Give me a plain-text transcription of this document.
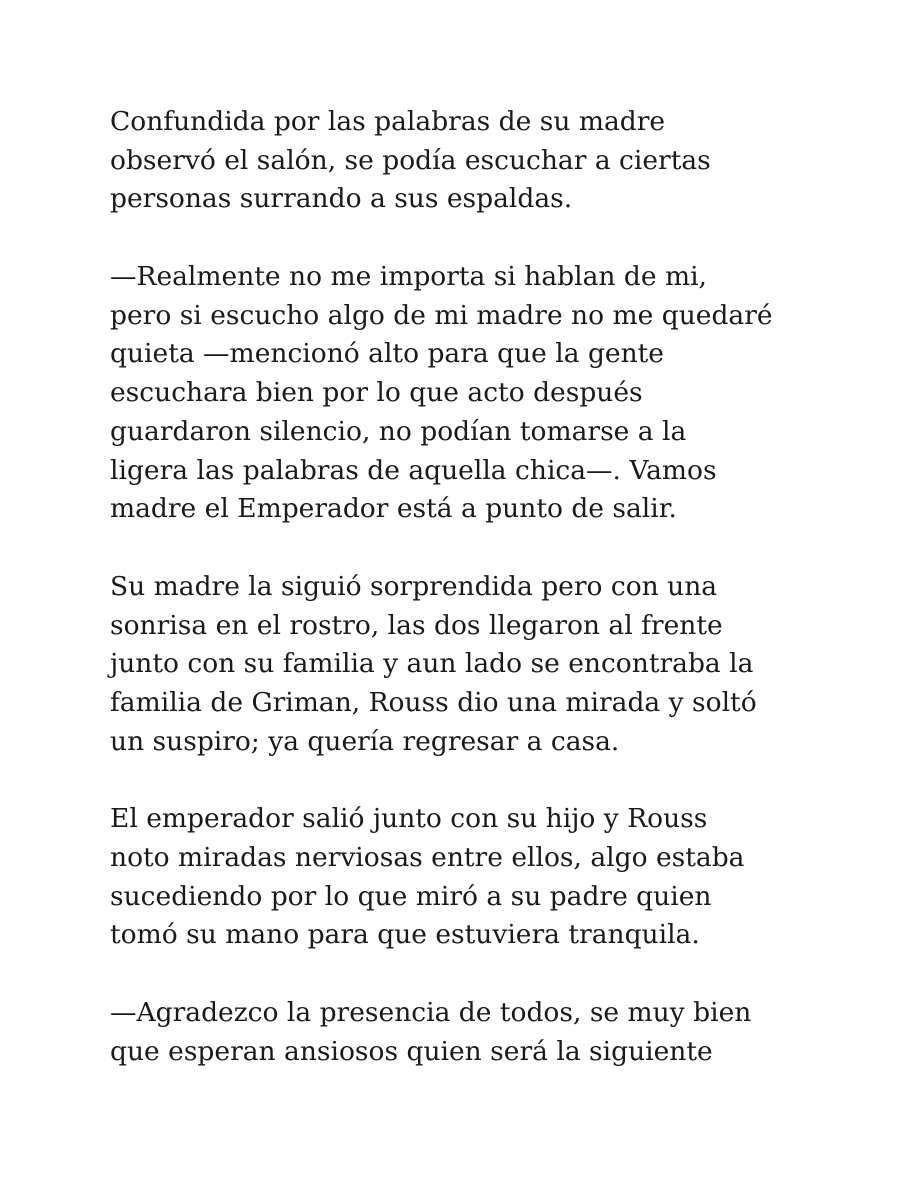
Confundida por las palabras de su madre
observó el salón, se podía escuchar a ciertas
personas surrando a sus espaldas.
—Realmente no me importa si hablan de mi,
pero si escucho algo de mi madre no me quedaré
quieta —mencionó alto para que la gente
escuchara bien por lo que acto después
guardaron silencio, no podían tomarse a la
ligera las palabras de aquella chica—. Vamos
madre el Emperador está a punto de salir.
Su madre la siguió sorprendida pero con una
sonrisa en el rostro, las dos llegaron al frente
junto con su familia y aun lado se encontraba la
familia de Griman, Rouss dio una mirada y soltó
un suspiro; ya quería regresar a casa.
El emperador salió junto con su hijo y Rouss
noto miradas nerviosas entre ellos, algo estaba
sucediendo por lo que miró a su padre quien
tomó su mano para que estuviera tranquila.
—Agradezco la presencia de todos, se muy bien
que esperan ansiosos quien será la siguiente
